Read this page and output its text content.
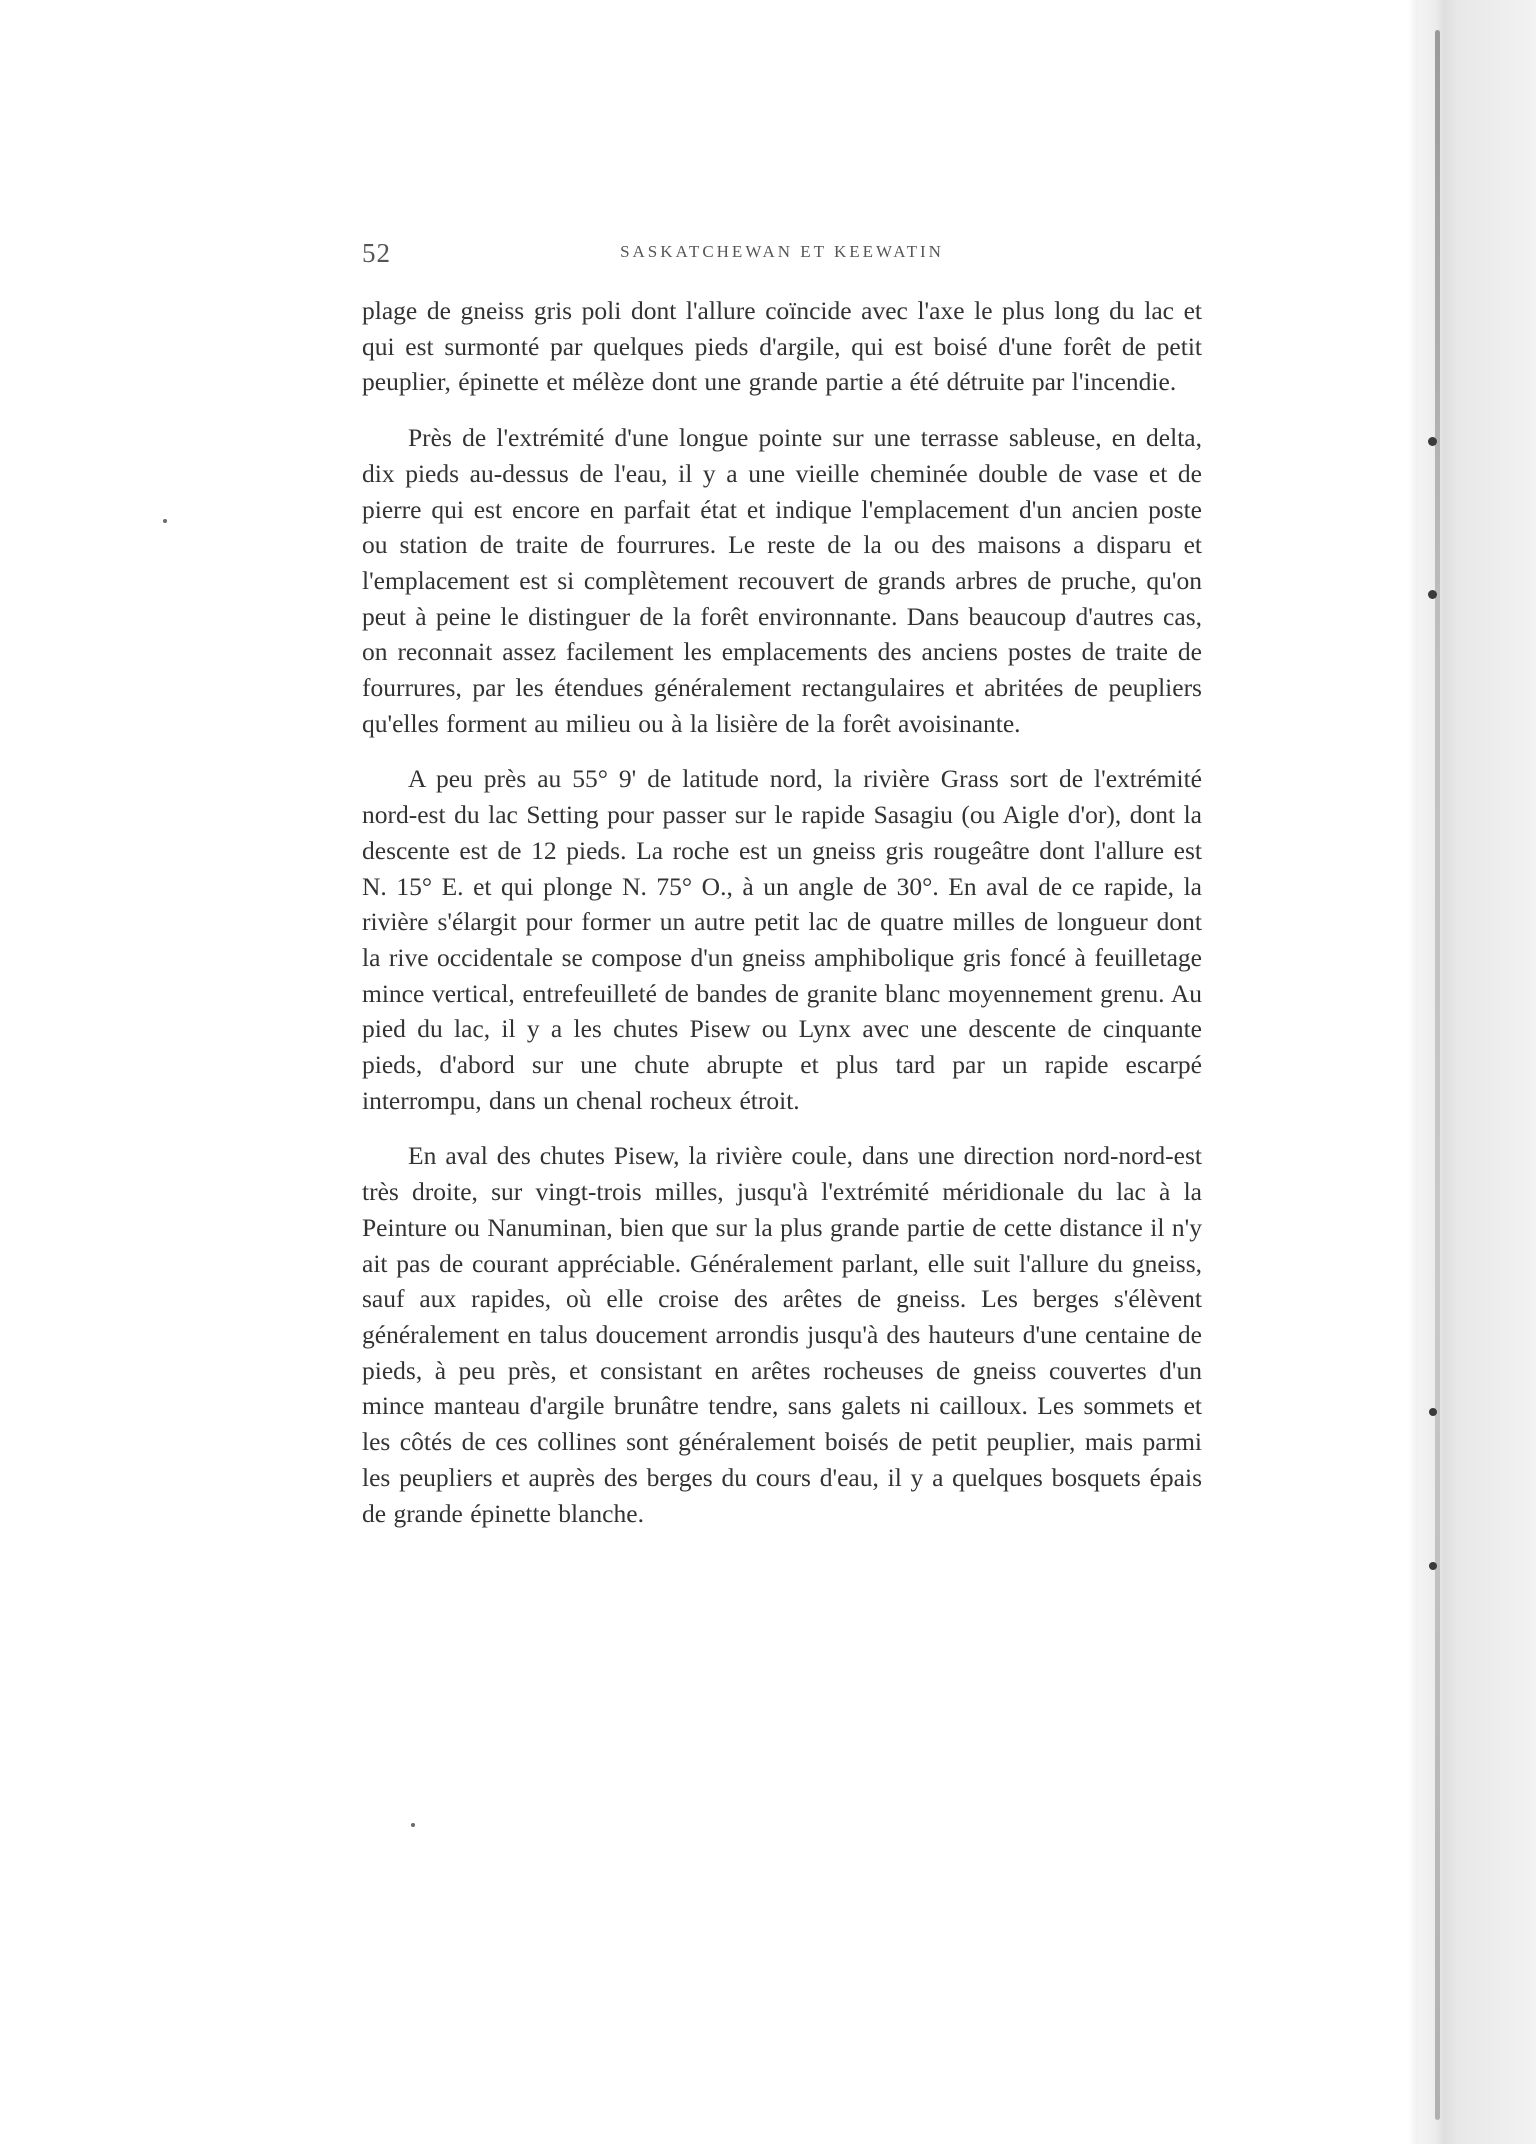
52	SASKATCHEWAN ET KEEWATIN

plage de gneiss gris poli dont l'allure coïncide avec l'axe le plus long du lac et qui est surmonté par quelques pieds d'argile, qui est boisé d'une forêt de petit peuplier, épinette et mélèze dont une grande partie a été détruite par l'incendie.

Près de l'extrémité d'une longue pointe sur une terrasse sableuse, en delta, dix pieds au-dessus de l'eau, il y a une vieille cheminée double de vase et de pierre qui est encore en parfait état et indique l'emplacement d'un ancien poste ou station de traite de fourrures. Le reste de la ou des maisons a disparu et l'emplacement est si complètement recouvert de grands arbres de pruche, qu'on peut à peine le distinguer de la forêt environnante. Dans beaucoup d'autres cas, on reconnait assez facilement les emplacements des anciens postes de traite de fourrures, par les étendues généralement rectangulaires et abritées de peupliers qu'elles forment au milieu ou à la lisière de la forêt avoisinante.

A peu près au 55° 9' de latitude nord, la rivière Grass sort de l'extrémité nord-est du lac Setting pour passer sur le rapide Sasagiu (ou Aigle d'or), dont la descente est de 12 pieds. La roche est un gneiss gris rougeâtre dont l'allure est N. 15° E. et qui plonge N. 75° O., à un angle de 30°. En aval de ce rapide, la rivière s'élargit pour former un autre petit lac de quatre milles de longueur dont la rive occidentale se compose d'un gneiss amphibolique gris foncé à feuilletage mince vertical, entrefeuilleté de bandes de granite blanc moyennement grenu. Au pied du lac, il y a les chutes Pisew ou Lynx avec une descente de cinquante pieds, d'abord sur une chute abrupte et plus tard par un rapide escarpé interrompu, dans un chenal rocheux étroit.

En aval des chutes Pisew, la rivière coule, dans une direction nord-nord-est très droite, sur vingt-trois milles, jusqu'à l'extrémité méridionale du lac à la Peinture ou Nanuminan, bien que sur la plus grande partie de cette distance il n'y ait pas de courant appréciable. Généralement parlant, elle suit l'allure du gneiss, sauf aux rapides, où elle croise des arêtes de gneiss. Les berges s'élèvent généralement en talus doucement arrondis jusqu'à des hauteurs d'une centaine de pieds, à peu près, et consistant en arêtes rocheuses de gneiss couvertes d'un mince manteau d'argile brunâtre tendre, sans galets ni cailloux. Les sommets et les côtés de ces collines sont généralement boisés de petit peuplier, mais parmi les peupliers et auprès des berges du cours d'eau, il y a quelques bosquets épais de grande épinette blanche.
